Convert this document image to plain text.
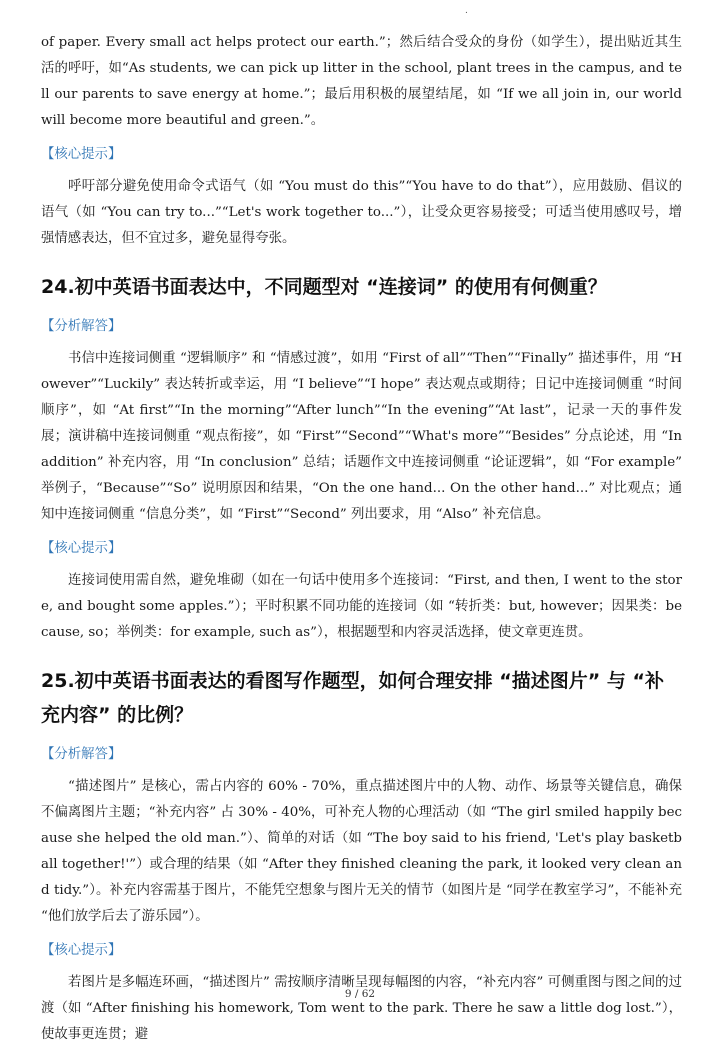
.

of paper. Every small act helps protect our earth.”；然后结合受众的身份（如学生），提出贴近其生活的呼吁，如“As students, we can pick up litter in the school, plant trees in the campus, and tell our parents to save energy at home.”；最后用积极的展望结尾，如 “If we all join in, our world will become more beautiful and green.”。

【核心提示】

呼吁部分避免使用命令式语气（如 “You must do this”“You have to do that”），应用鼓励、倡议的语气（如 “You can try to...”“Let's work together to...”），让受众更容易接受；可适当使用感叹号，增强情感表达，但不宜过多，避免显得夸张。

24.初中英语书面表达中，不同题型对 “连接词” 的使用有何侧重？
【分析解答】

书信中连接词侧重 “逻辑顺序” 和 “情感过渡”，如用 “First of all”“Then”“Finally” 描述事件，用 “However”“Luckily” 表达转折或幸运，用 “I believe”“I hope” 表达观点或期待；日记中连接词侧重 “时间顺序”，如 “At first”“In the morning”“After lunch”“In the evening”“At last”，记录一天的事件发展；演讲稿中连接词侧重 “观点衔接”，如 “First”“Second”“What's more”“Besides” 分点论述，用 “In addition” 补充内容，用 “In conclusion” 总结；话题作文中连接词侧重 “论证逻辑”，如 “For example” 举例子，“Because”“So” 说明原因和结果，“On the one hand... On the other hand...” 对比观点；通知中连接词侧重 “信息分类”，如 “First”“Second” 列出要求，用 “Also” 补充信息。

【核心提示】

连接词使用需自然，避免堆砌（如在一句话中使用多个连接词：“First, and then, I went to the store, and bought some apples.”）；平时积累不同功能的连接词（如 “转折类：but, however；因果类：because, so；举例类：for example, such as”），根据题型和内容灵活选择，使文章更连贯。

25.初中英语书面表达的看图写作题型，如何合理安排 “描述图片” 与 “补充内容” 的比例？
【分析解答】

“描述图片” 是核心，需占内容的 60% - 70%，重点描述图片中的人物、动作、场景等关键信息，确保不偏离图片主题；“补充内容” 占 30% - 40%，可补充人物的心理活动（如 “The girl smiled happily because she helped the old man.”）、简单的对话（如 “The boy said to his friend, 'Let's play basketball together!'”）或合理的结果（如 “After they finished cleaning the park, it looked very clean and tidy.”）。补充内容需基于图片，不能凭空想象与图片无关的情节（如图片是 “同学在教室学习”，不能补充 “他们放学后去了游乐园”）。

【核心提示】

若图片是多幅连环画，“描述图片” 需按顺序清晰呈现每幅图的内容，“补充内容” 可侧重图与图之间的过渡（如 “After finishing his homework, Tom went to the park. There he saw a little dog lost.”），使故事更连贯；避

9 / 62
